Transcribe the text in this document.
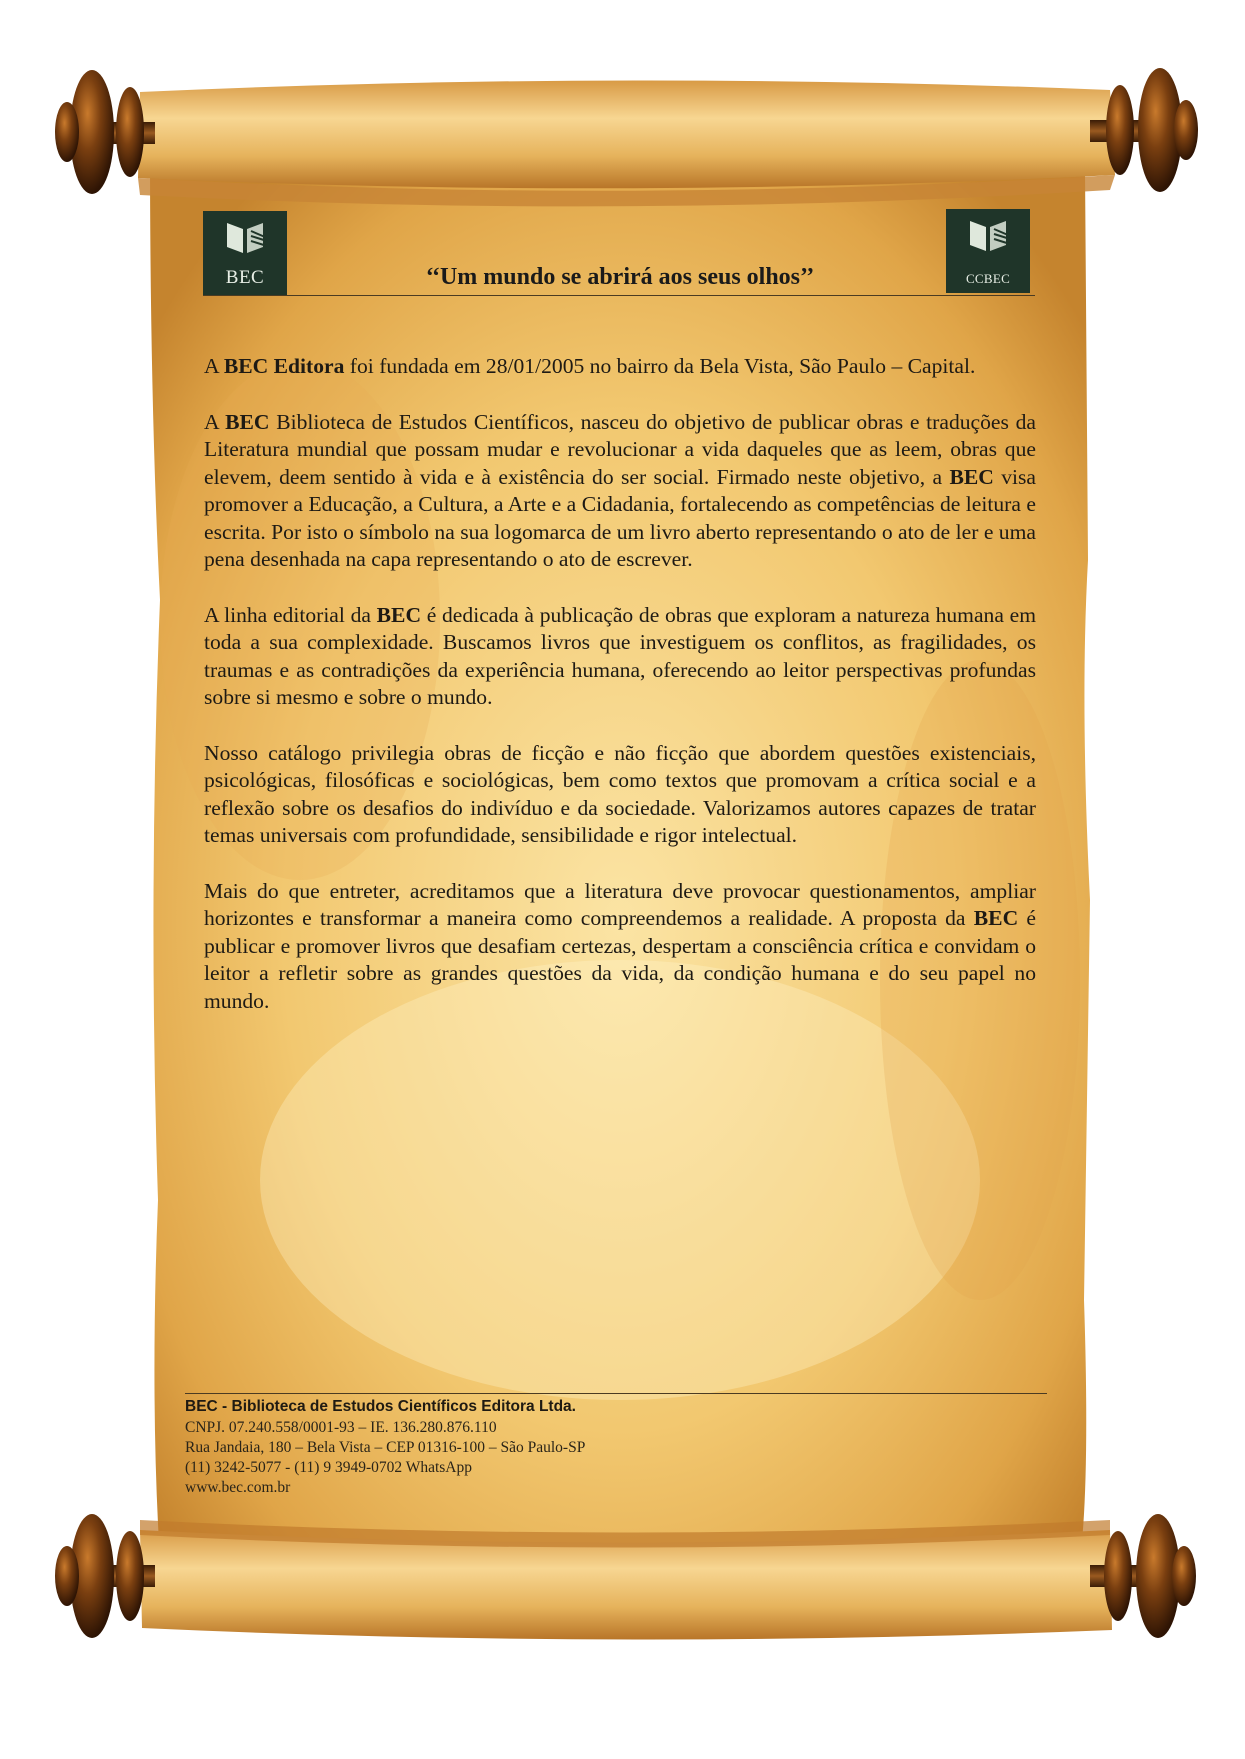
BEC	‘‘Um mundo se abrirá aos seus olhos’’	CCBEC

A BEC Editora foi fundada em 28/01/2005 no bairro da Bela Vista, São Paulo – Capital.

A BEC Biblioteca de Estudos Científicos, nasceu do objetivo de publicar obras e traduções da Literatura mundial que possam mudar e revolucionar a vida daqueles que as leem, obras que elevem, deem sentido à vida e à existência do ser social. Firmado neste objetivo, a BEC visa promover a Educação, a Cultura, a Arte e a Cidadania, fortalecendo as competências de leitura e escrita. Por isto o símbolo na sua logomarca de um livro aberto representando o ato de ler e uma pena desenhada na capa representando o ato de escrever.

A linha editorial da BEC é dedicada à publicação de obras que exploram a natureza humana em toda a sua complexidade. Buscamos livros que investiguem os conflitos, as fragilidades, os traumas e as contradições da experiência humana, oferecendo ao leitor perspectivas profundas sobre si mesmo e sobre o mundo.

Nosso catálogo privilegia obras de ficção e não ficção que abordem questões existenciais, psicológicas, filosóficas e sociológicas, bem como textos que promovam a crítica social e a reflexão sobre os desafios do indivíduo e da sociedade. Valorizamos autores capazes de tratar temas universais com profundidade, sensibilidade e rigor intelectual.

Mais do que entreter, acreditamos que a literatura deve provocar questionamentos, ampliar horizontes e transformar a maneira como compreendemos a realidade. A proposta da BEC é publicar e promover livros que desafiam certezas, despertam a consciência crítica e convidam o leitor a refletir sobre as grandes questões da vida, da condição humana e do seu papel no mundo.

BEC - Biblioteca de Estudos Científicos Editora Ltda.
CNPJ. 07.240.558/0001-93 – IE. 136.280.876.110
Rua Jandaia, 180 – Bela Vista – CEP 01316-100 – São Paulo-SP
(11) 3242-5077 - (11) 9 3949-0702 WhatsApp
www.bec.com.br
